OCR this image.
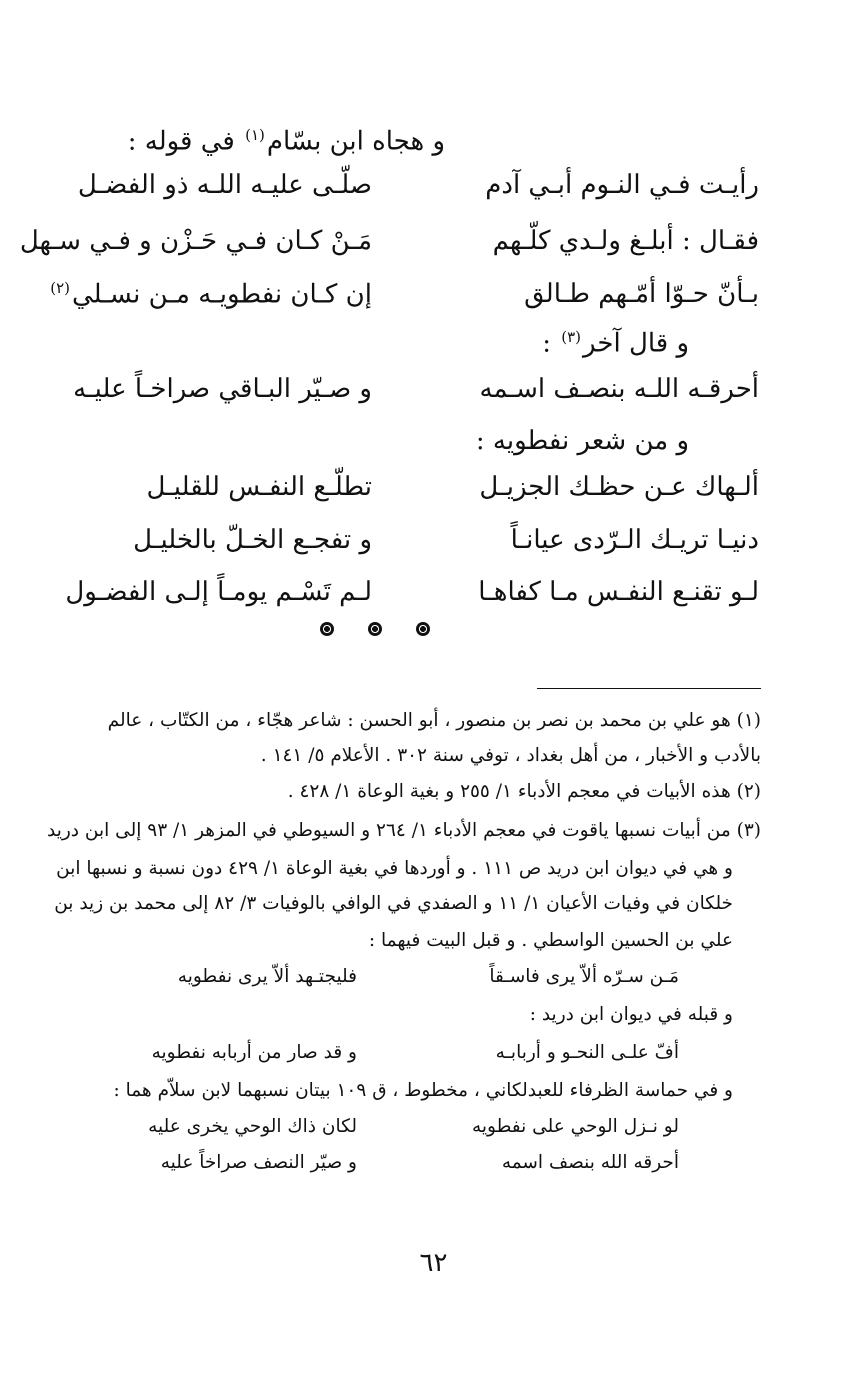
و هجاه ابن بسّام$^{(١)}$ في قوله :
رأيـت فـي النـوم أبـي آدم
صلّـى عليـه اللـه ذو الفضـل
فقـال : أبلـغ ولـدي كلّـهم
مَـنْ كـان فـي حَـزْن و فـي سـهل
بـأنّ حـوّا أمّـهم طـالق
إن كـان نفطويـه مـن نسـلي$^{(٢)}$
و قال آخر$^{(٣)}$ :
أحرقـه اللـه بنصـف اسـمه
و صـيّر البـاقي صراخـاً عليـه
و من شعر نفطويه :
ألـهاك عـن حظـك الجزيـل
تطلّـع النفـس للقليـل
دنيـا تريـك الـرّدى عيانـاً
و تفجـع الخـلّ بالخليـل
لـو تقنـع النفـس مـا كفاهـا
لـم تَسْـم يومـاً إلـى الفضـول
(١) هو علي بن محمد بن نصر بن منصور ، أبو الحسن : شاعر هجّاء ، من الكتّاب ، عالم
بالأدب و الأخبار ، من أهل بغداد ، توفي سنة ٣٠٢ . الأعلام ٥/ ١٤١ .
(٢) هذه الأبيات في معجم الأدباء ١/ ٢٥٥ و بغية الوعاة ١/ ٤٢٨ .
(٣) من أبيات نسبها ياقوت في معجم الأدباء ١/ ٢٦٤ و السيوطي في المزهر ١/ ٩٣ إلى ابن دريد
و هي في ديوان ابن دريد ص ١١١ . و أوردها في بغية الوعاة ١/ ٤٢٩ دون نسبة و نسبها ابن
خلكان في وفيات الأعيان ١/ ١١ و الصفدي في الوافي بالوفيات ٣/ ٨٢ إلى محمد بن زيد بن
علي بن الحسين الواسطي . و قبل البيت فيهما :
مَـن سـرّه ألاّ يرى فاسـقاً
فليجتـهد ألاّ يرى نفطويه
و قبله في ديوان ابن دريد :
أفّ علـى النحـو و أربابـه
و قد صار من أربابه نفطويه
و في حماسة الظرفاء للعبدلكاني ، مخطوط ، ق ١٠٩ بيتان نسبهما لابن سلاّم هما :
لو نـزل الوحي على نفطويه
لكان ذاك الوحي يخرى عليه
أحرقه الله بنصف اسمه
و صيّر النصف صراخاً عليه
٦٢
